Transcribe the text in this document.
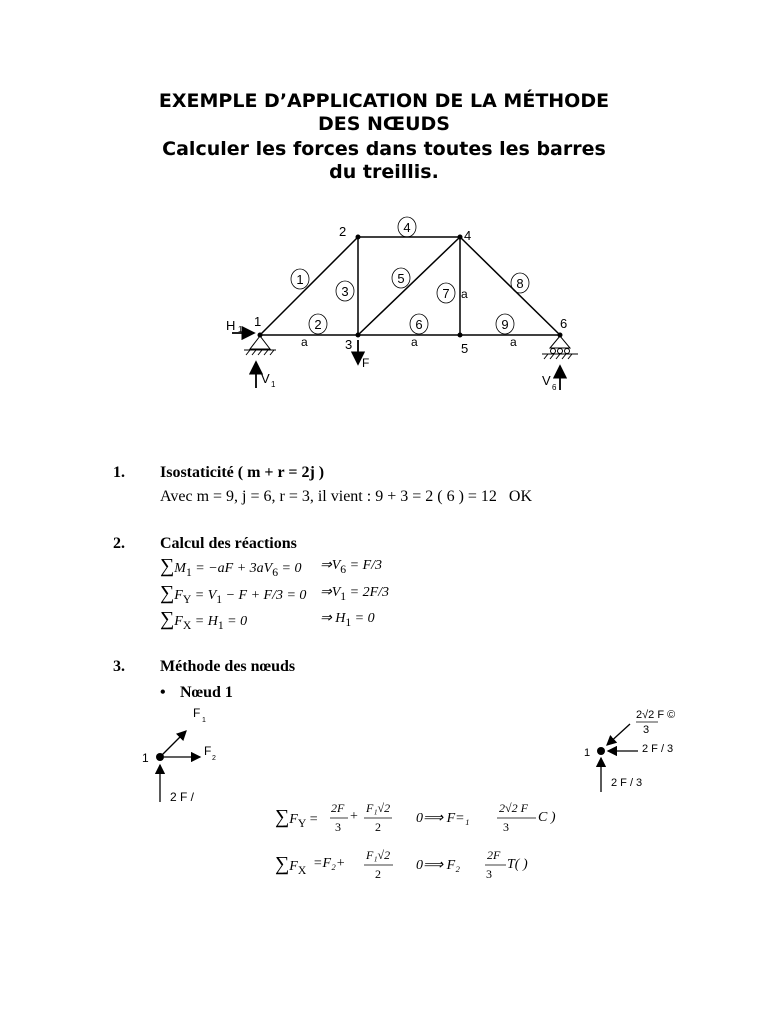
EXEMPLE D’APPLICATION DE LA MÉTHODE
DES NŒUDS
Calculer les forces dans toutes les barres
du treillis.
1
2
3
4
5
6
7
8
9
1
2
3
4
5
6
a	a	a
a
F
H 1
V 1	V 6
1
F
1
F
2
2 F /
1
2√2 F ©
3
2 F / 3
2 F / 3
1. Isostaticité ( m + r = 2j )
Avec m = 9, j = 6, r = 3, il vient : 9 + 3 = 2 ( 6 ) = 12   OK
2. Calcul des réactions
$\sum M_1 = -aF + 3aV_6 = 0$ $\Rightarrow V_6 = F/3$
$\sum F_Y = V_1 - F + F/3 = 0$ $\Rightarrow V_1 = 2F/3$
$\sum F_X = H_1 = 0$	⇒ $H_1 = 0$
3. Méthode des nœuds
• Nœud 1
$\sum F_Y$ =
2F
3
+
F₁√2
2
0⟹ F=₁
2√2 F
3
C )
$\sum F_X =F_2+$
F₁√2
2
0⟹ F₂
2F
3
T( )
